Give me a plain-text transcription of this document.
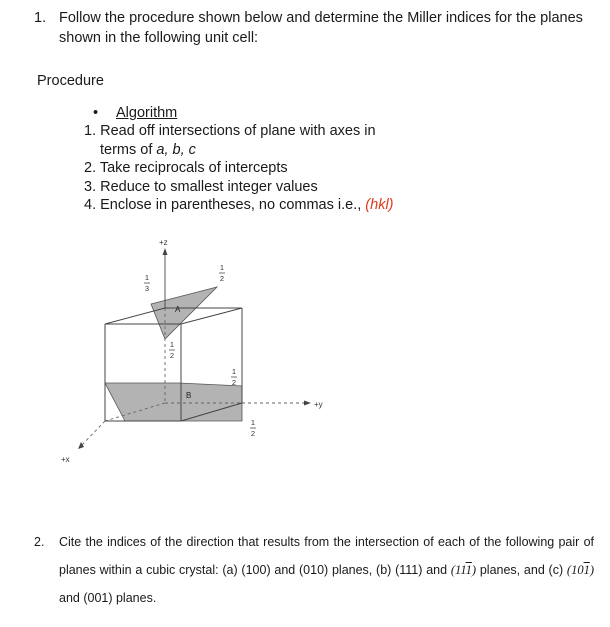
1. Follow the procedure shown below and determine the Miller indices for the planes shown in the following unit cell:
Procedure
• Algorithm
1. Read off intersections of plane with axes in
terms of a, b, c
2. Take reciprocals of intercepts
3. Reduce to smallest integer values
4. Enclose in parentheses, no commas i.e., (hkl)
+z
+y
+x
A
B
1
3
1
2
1
2
1
2
1
2
2. Cite the indices of the direction that results from the intersection of each of the following pair of planes within a cubic crystal: (a) (100) and (010) planes, (b) (111) and (111) planes, and (c) (101) and (001) planes.
